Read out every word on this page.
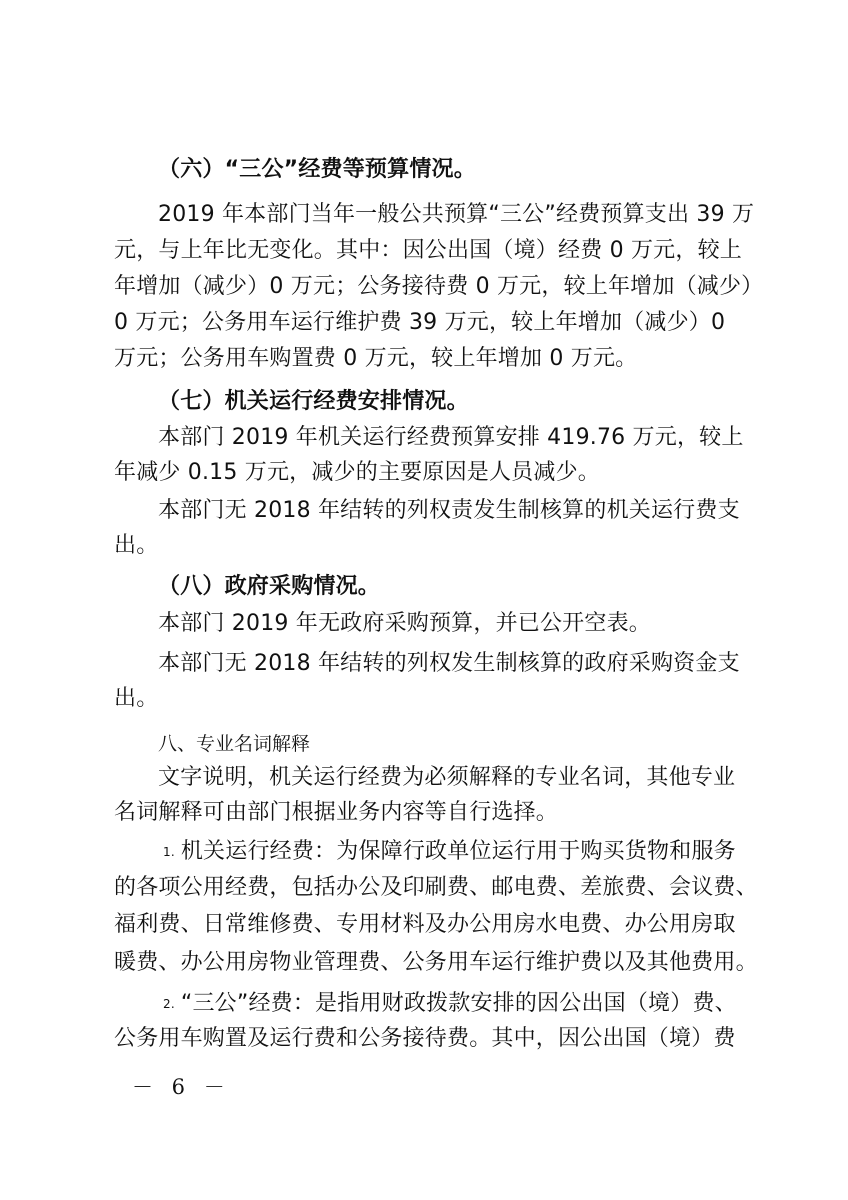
（六）“三公”经费等预算情况。
2019 年本部门当年一般公共预算“三公”经费预算支出 39 万
元，与上年比无变化。其中：因公出国（境）经费 0 万元，较上
年增加（减少）0 万元；公务接待费 0 万元，较上年增加（减少）
0 万元；公务用车运行维护费 39 万元，较上年增加（减少）0
万元；公务用车购置费 0 万元，较上年增加 0 万元。
（七）机关运行经费安排情况。
本部门 2019 年机关运行经费预算安排 419.76 万元，较上
年减少 0.15 万元，减少的主要原因是人员减少。
本部门无 2018 年结转的列权责发生制核算的机关运行费支
出。
（八）政府采购情况。
本部门 2019 年无政府采购预算，并已公开空表。
本部门无 2018 年结转的列权发生制核算的政府采购资金支
出。
八、专业名词解释
文字说明，机关运行经费为必须解释的专业名词，其他专业
名词解释可由部门根据业务内容等自行选择。
1. 机关运行经费：为保障行政单位运行用于购买货物和服务
的各项公用经费，包括办公及印刷费、邮电费、差旅费、会议费、
福利费、日常维修费、专用材料及办公用房水电费、办公用房取
暖费、办公用房物业管理费、公务用车运行维护费以及其他费用。
2. “三公”经费：是指用财政拨款安排的因公出国（境）费、
公务用车购置及运行费和公务接待费。其中，因公出国（境）费
－ 6 －
